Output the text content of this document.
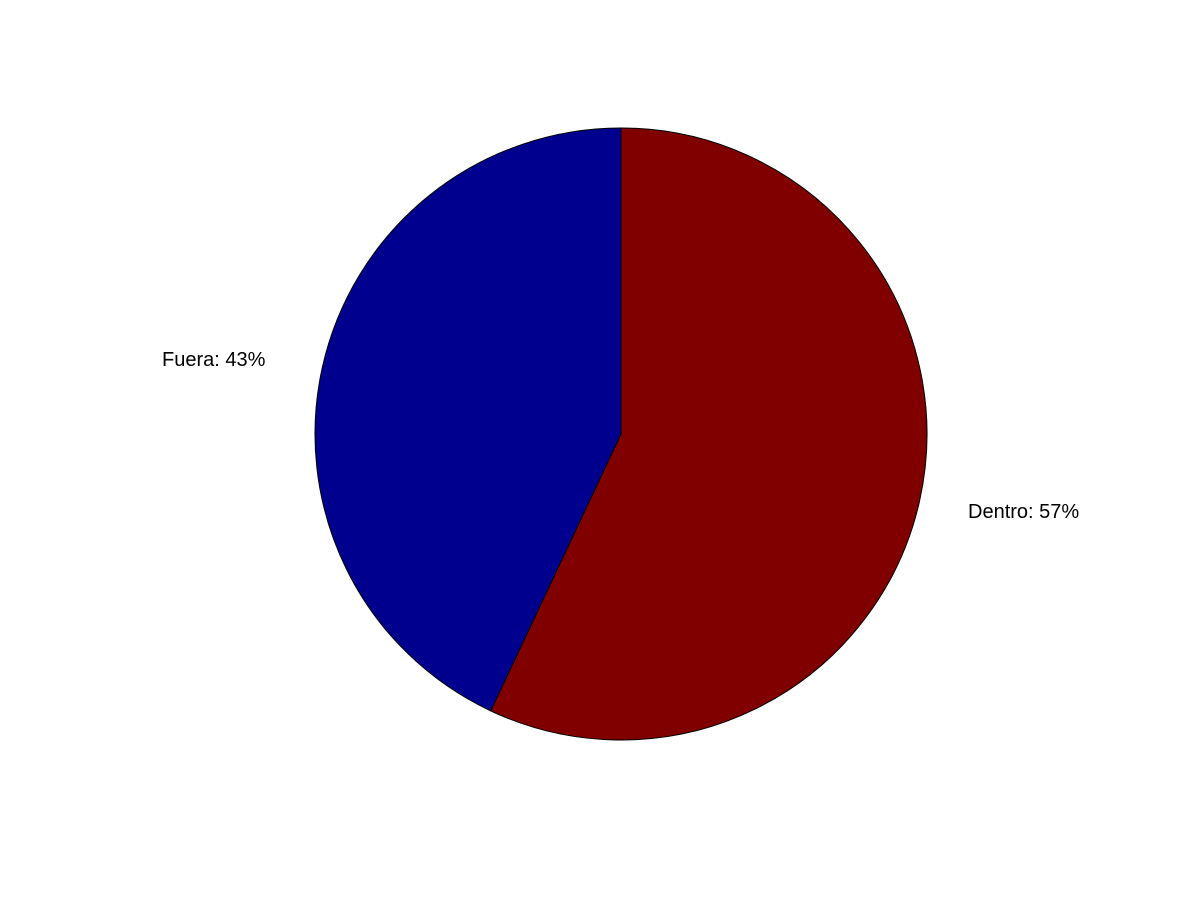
Dentro: 57%
Fuera: 43%
